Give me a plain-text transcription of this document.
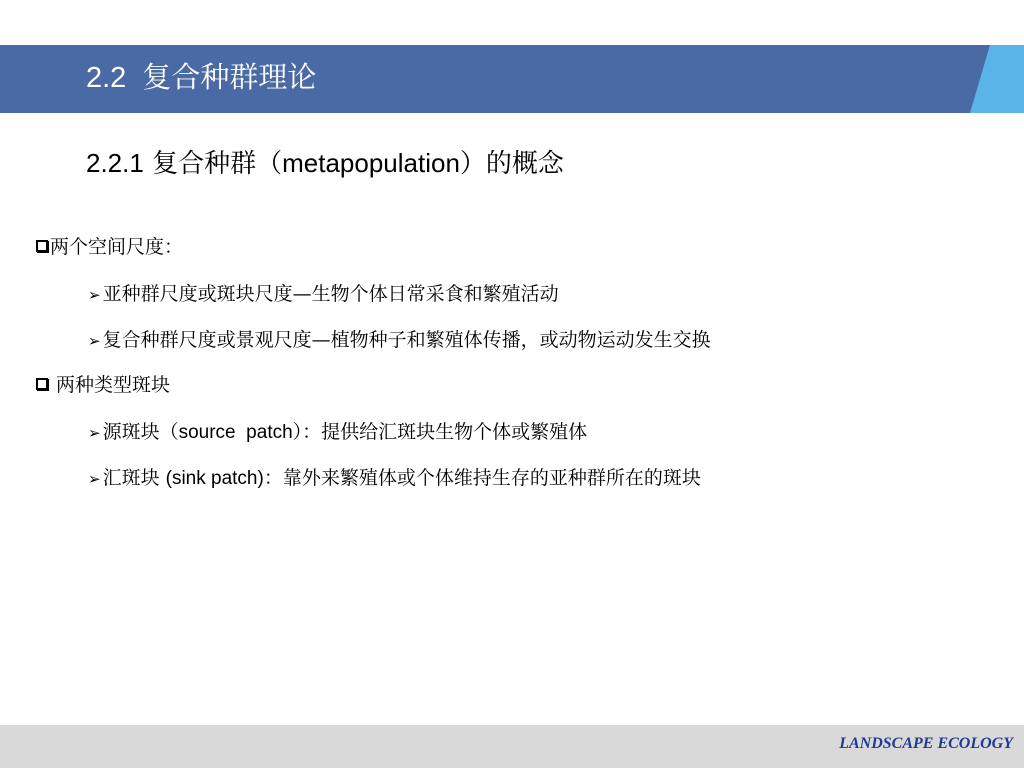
2.2 复合种群理论
2.2.1 复合种群（metapopulation）的概念
两个空间尺度：
➢ 亚种群尺度或斑块尺度—生物个体日常采食和繁殖活动
➢ 复合种群尺度或景观尺度—植物种子和繁殖体传播，或动物运动发生交换
两种类型斑块
➢ 源斑块（source  patch）：提供给汇斑块生物个体或繁殖体
➢ 汇斑块 (sink patch)：靠外来繁殖体或个体维持生存的亚种群所在的斑块
LANDSCAPE ECOLOGY
